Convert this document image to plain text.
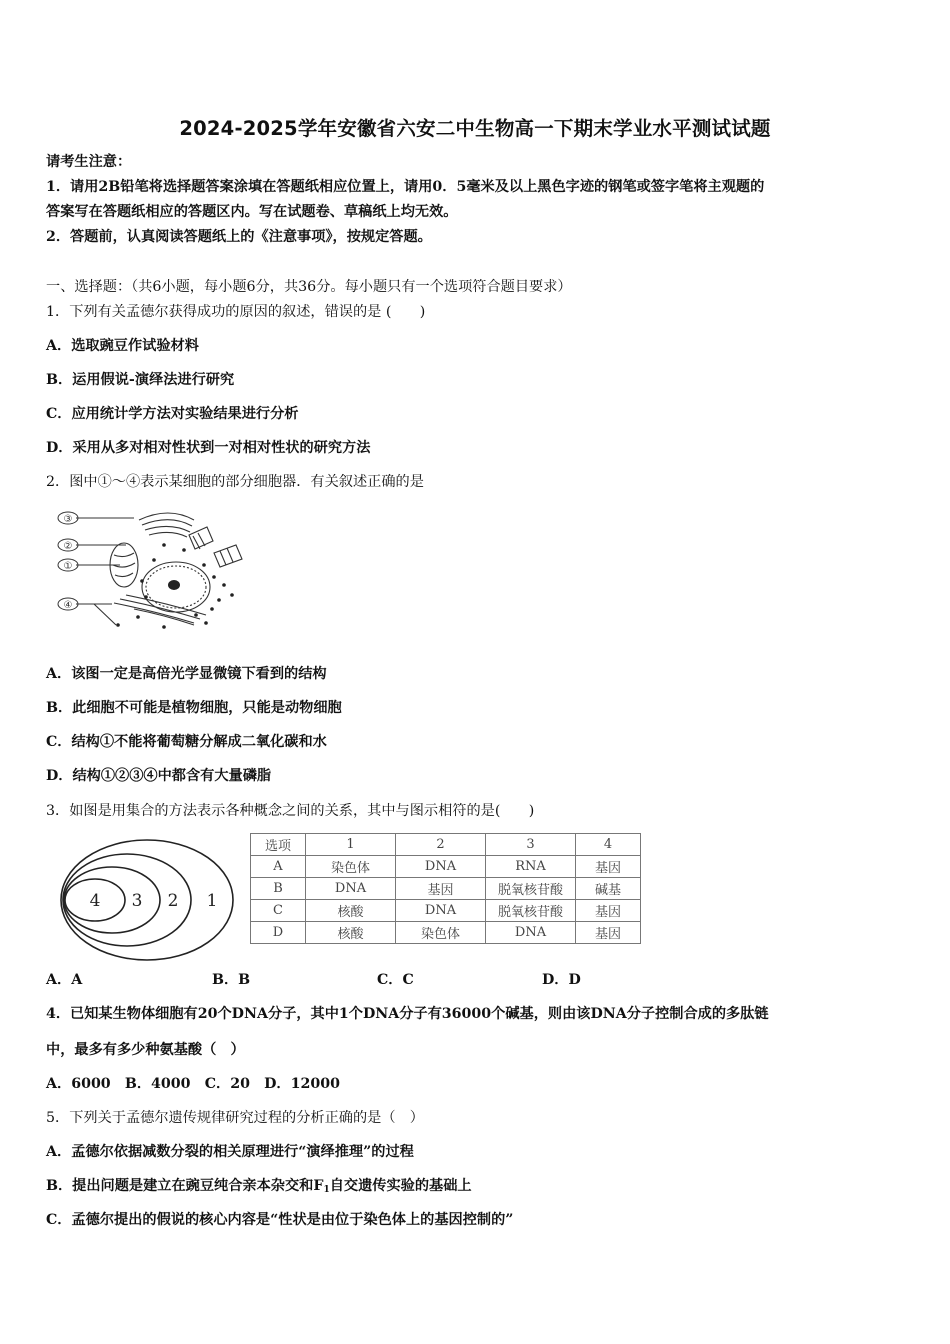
2024-2025学年安徽省六安二中生物高一下期末学业水平测试试题
请考生注意：
1．请用2B铅笔将选择题答案涂填在答题纸相应位置上，请用0．5毫米及以上黑色字迹的钢笔或签字笔将主观题的
答案写在答题纸相应的答题区内。写在试题卷、草稿纸上均无效。
2．答题前，认真阅读答题纸上的《注意事项》，按规定答题。
一、选择题：（共6小题，每小题6分，共36分。每小题只有一个选项符合题目要求）
1．下列有关孟德尔获得成功的原因的叙述，错误的是 (　　)
A．选取豌豆作试验材料
B．运用假说-演绎法进行研究
C．应用统计学方法对实验结果进行分析
D．采用从多对相对性状到一对相对性状的研究方法
2．图中①～④表示某细胞的部分细胞器．有关叙述正确的是
③
②
①
④
A．该图一定是高倍光学显微镜下看到的结构
B．此细胞不可能是植物细胞，只能是动物细胞
C．结构①不能将葡萄糖分解成二氧化碳和水
D．结构①②③④中都含有大量磷脂
3．如图是用集合的方法表示各种概念之间的关系，其中与图示相符的是(　　)
4 3 2 1
选项	1	2	3	4
A	染色体	DNA	RNA	基因
B	DNA	基因	脱氧核苷酸	碱基
C	核酸	DNA	脱氧核苷酸	基因
D	核酸	染色体	DNA	基因
A．A	B．B	C．C	D．D
4．已知某生物体细胞有20个DNA分子，其中1个DNA分子有36000个碱基，则由该DNA分子控制合成的多肽链
中，最多有多少种氨基酸（　）
A．6000　B．4000　C．20　D．12000
5．下列关于孟德尔遗传规律研究过程的分析正确的是（　）
A．孟德尔依据减数分裂的相关原理进行“演绎推理”的过程
B．提出问题是建立在豌豆纯合亲本杂交和$F_1$自交遗传实验的基础上
C．孟德尔提出的假说的核心内容是“性状是由位于染色体上的基因控制的”
